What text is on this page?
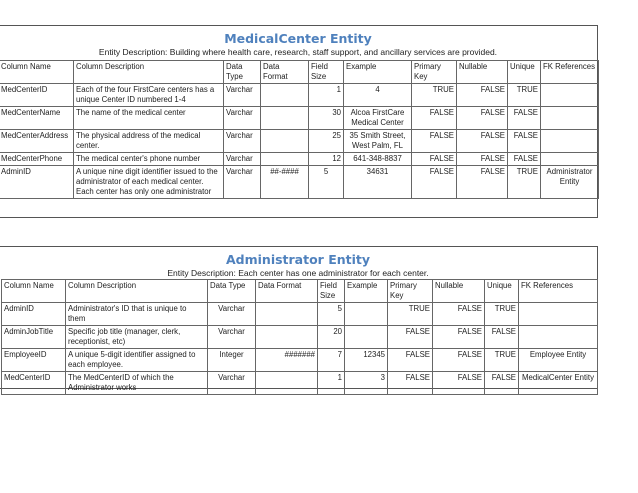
MedicalCenter Entity
Entity Description: Building where health care, research, staff support, and ancillary services are provided.
Column Name	Column Description	Data Type	Data Format	Field Size	Example	Primary Key	Nullable	Unique	FK References
MedCenterID	Each of the four FirstCare centers has a unique Center ID numbered 1-4	Varchar		1	4	TRUE	FALSE	TRUE	
MedCenterName	The name of the medical center	Varchar		30	Alcoa FirstCare Medical Center	FALSE	FALSE	FALSE	
MedCenterAddress	The physical address of the medical center.	Varchar		25	35 Smith Street, West Palm, FL	FALSE	FALSE	FALSE	
MedCenterPhone	The medical center's phone number	Varchar		12	641-348-8837	FALSE	FALSE	FALSE	
AdminID	A unique nine digit identifier issued to the administrator of each medical center. Each center has only one administrator	Varchar	##-####	5	34631	FALSE	FALSE	TRUE	Administrator Entity
Administrator Entity
Entity Description: Each center has one administrator for each center.
Column Name	Column Description	Data Type	Data Format	Field Size	Example	Primary Key	Nullable	Unique	FK References
AdminID	Administrator's ID that is unique to them	Varchar		5		TRUE	FALSE	TRUE	
AdminJobTitle	Specific job title (manager, clerk, receptionist, etc)	Varchar		20		FALSE	FALSE	FALSE	
EmployeeID	A unique 5-digit identifier assigned to each employee.	Integer	#######	7	12345	FALSE	FALSE	TRUE	Employee Entity
MedCenterID	The MedCenterID of which the Administrator works	Varchar		1	3	FALSE	FALSE	FALSE	MedicalCenter Entity
